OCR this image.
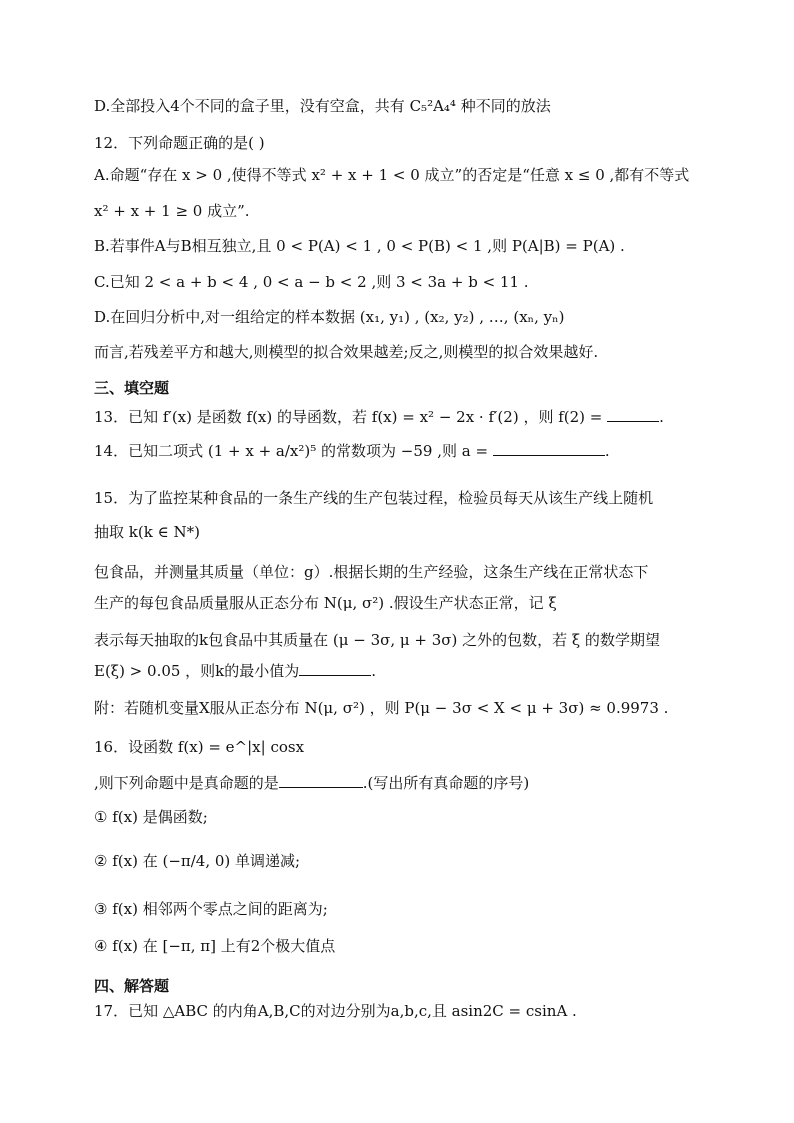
D.全部投入4个不同的盒子里，没有空盒，共有 C₅²A₄⁴ 种不同的放法
12．下列命题正确的是( )
A.命题“存在 x > 0 ,使得不等式 x² + x + 1 < 0 成立”的否定是“任意 x ≤ 0 ,都有不等式
x² + x + 1 ≥ 0 成立”.
B.若事件A与B相互独立,且 0 < P(A) < 1 , 0 < P(B) < 1 ,则 P(A|B) = P(A) .
C.已知 2 < a + b < 4 , 0 < a − b < 2 ,则 3 < 3a + b < 11 .
D.在回归分析中,对一组给定的样本数据 (x₁, y₁) , (x₂, y₂) , …, (xₙ, yₙ)
而言,若残差平方和越大,则模型的拟合效果越差;反之,则模型的拟合效果越好.
三、填空题
13．已知 f′(x) 是函数 f(x) 的导函数，若 f(x) = x² − 2x · f′(2) ，则 f(2) =	.
14．已知二项式 (1 + x + a/x²)⁵ 的常数项为 −59 ,则 a =	.
15．为了监控某种食品的一条生产线的生产包装过程，检验员每天从该生产线上随机
抽取 k(k ∈ N*)
包食品，并测量其质量（单位：g）.根据长期的生产经验，这条生产线在正常状态下
生产的每包食品质量服从正态分布 N(μ, σ²) .假设生产状态正常，记 ξ
表示每天抽取的k包食品中其质量在 (μ − 3σ, μ + 3σ) 之外的包数，若 ξ 的数学期望
E(ξ) > 0.05 ，则k的最小值为	.
附：若随机变量X服从正态分布 N(μ, σ²) ，则 P(μ − 3σ < X < μ + 3σ) ≈ 0.9973 .
16．设函数 f(x) = e^|x| cosx
,则下列命题中是真命题的是	.(写出所有真命题的序号)
① f(x) 是偶函数;
② f(x) 在 (−π/4, 0) 单调递减;
③ f(x) 相邻两个零点之间的距离为;
④ f(x) 在 [−π, π] 上有2个极大值点
四、解答题
17．已知 △ABC 的内角A,B,C的对边分别为a,b,c,且 asin2C = csinA .
